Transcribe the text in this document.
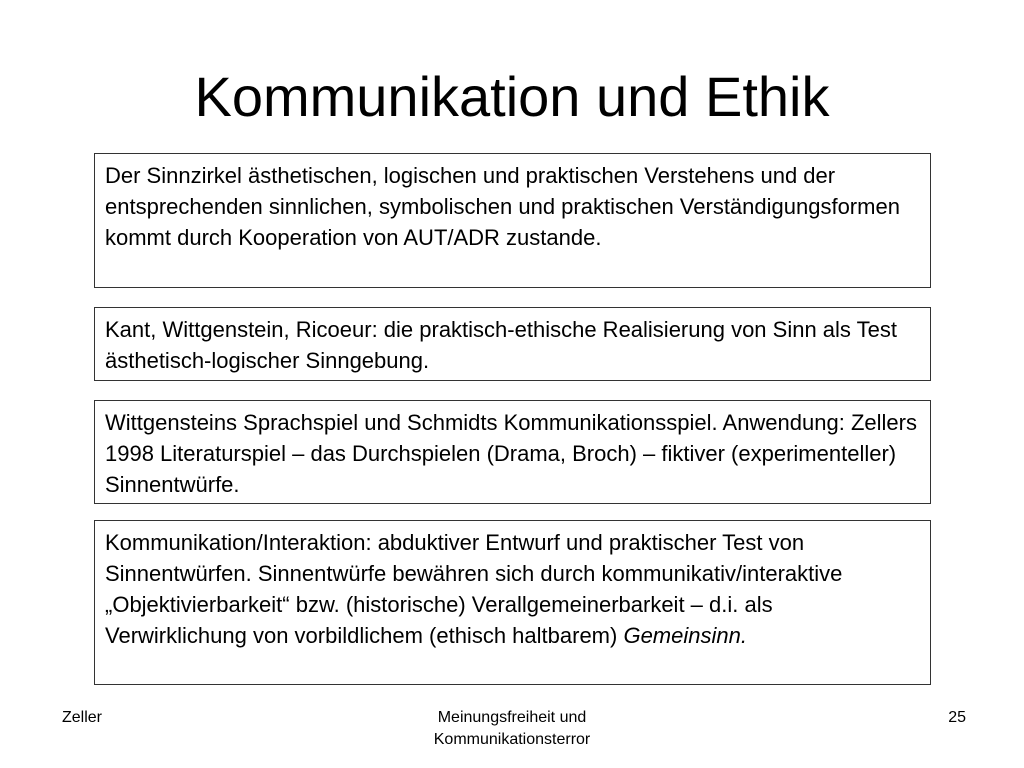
Kommunikation und Ethik
Der Sinnzirkel ästhetischen, logischen und praktischen Verstehens und der entsprechenden sinnlichen, symbolischen und praktischen Verständigungsformen kommt durch Kooperation von AUT/ADR zustande.
Kant, Wittgenstein, Ricoeur: die praktisch-ethische Realisierung von Sinn als Test ästhetisch-logischer Sinngebung.
Wittgensteins Sprachspiel und Schmidts Kommunikationsspiel. Anwendung: Zellers 1998 Literaturspiel – das Durchspielen (Drama, Broch) – fiktiver (experimenteller) Sinnentwürfe.
Kommunikation/Interaktion: abduktiver Entwurf und praktischer Test von Sinnentwürfen. Sinnentwürfe bewähren sich durch kommunikativ/interaktive „Objektivierbarkeit“ bzw. (historische) Verallgemeinerbarkeit – d.i. als Verwirklichung von vorbildlichem (ethisch haltbarem) Gemeinsinn.
Zeller	Meinungsfreiheit und
Kommunikationsterror
25
